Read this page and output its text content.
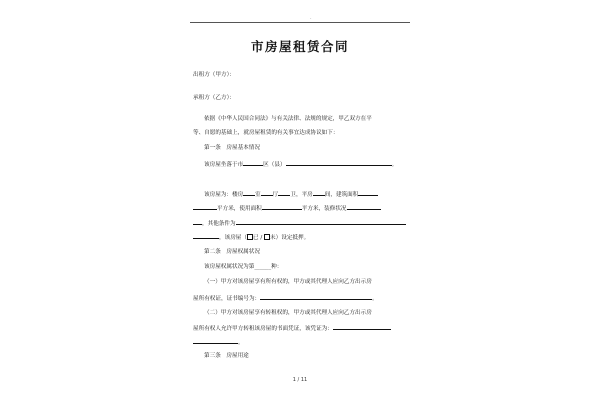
·
市房屋租赁合同
出租方（甲方）：
承租方（乙方）：
依据《中华人民国合同法》与有关法律、法规的规定，甲乙双方在平
等、自愿的基础上，就房屋租赁的有关事宜达成协议如下：
第一条　房屋基本情况
该房屋坐落于市	区（县）	。
该房屋为：楼房 室 厅 卫，平房 间，建筑面积
平方米，使用面积	平方米，装修状况
，其他条件为
，该房屋（ 已 / 未）设定抵押。
第二条　房屋权属状况
该房屋权属状况为第______种：
（一）甲方对该房屋享有所有权的，甲方或其代理人应向乙方出示房
屋所有权证，证书编号为：	。
（二）甲方对该房屋享有转租权的，甲方或其代理人应向乙方出示房
屋所有权人允许甲方转租该房屋的书面凭证，该凭证为：
。
第三条　房屋用途
1 / 11
